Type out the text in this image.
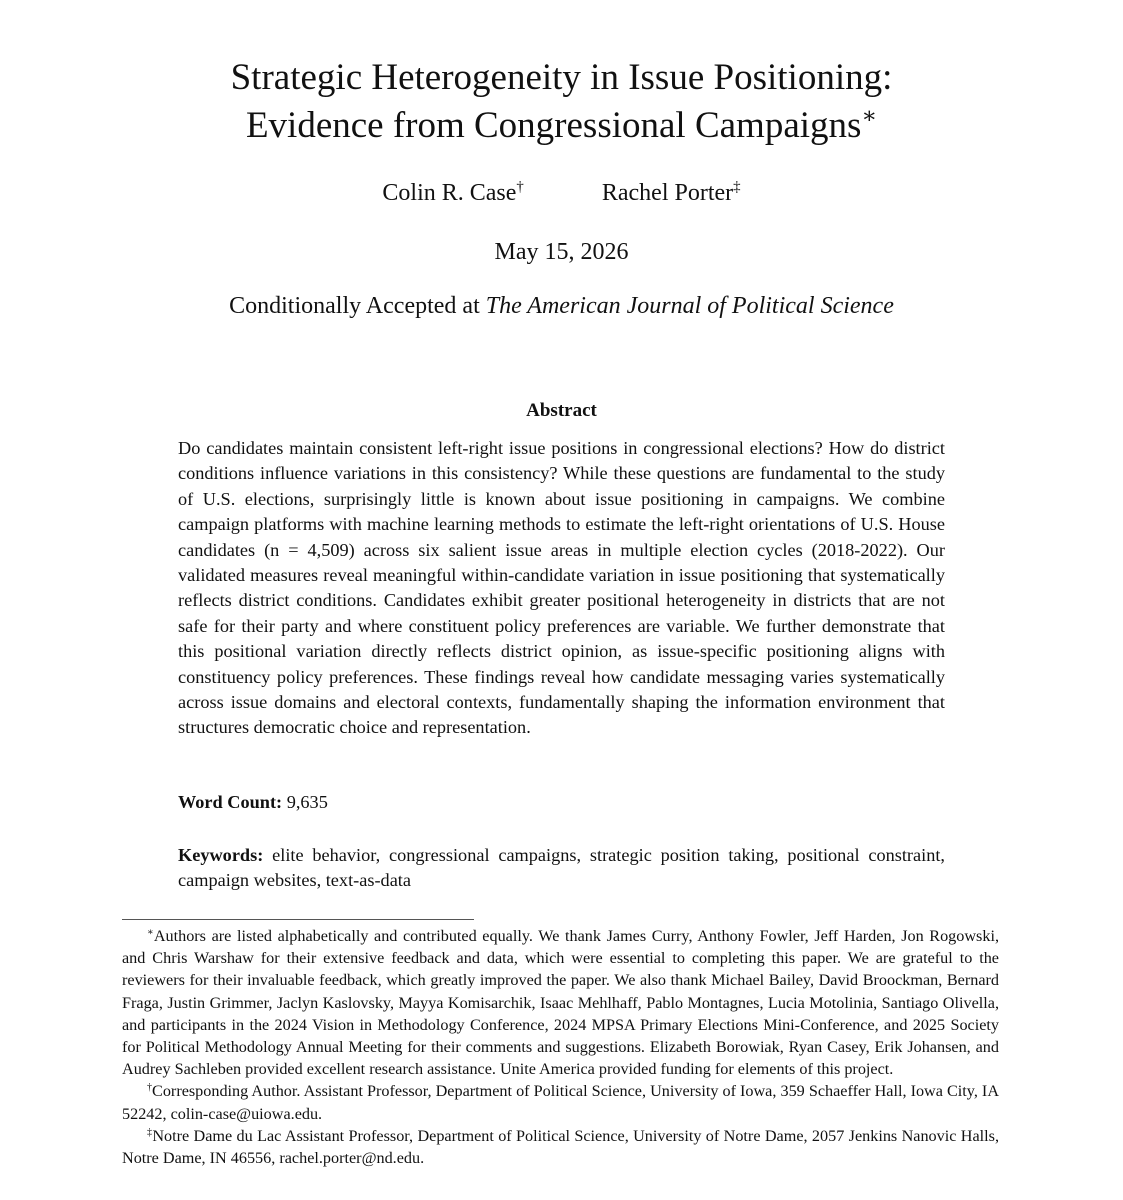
Strategic Heterogeneity in Issue Positioning:
Evidence from Congressional Campaigns∗
Colin R. Case†	Rachel Porter‡
May 15, 2026
Conditionally Accepted at The American Journal of Political Science
Abstract

Do candidates maintain consistent left-right issue positions in congressional elections? How do district conditions influence variations in this consistency? While these questions are fundamental to the study of U.S. elections, surprisingly little is known about issue positioning in campaigns. We combine campaign platforms with machine learning methods to estimate the left-right orientations of U.S. House candidates (n = 4,509) across six salient issue areas in multiple election cycles (2018-2022). Our validated measures reveal meaningful within-candidate variation in issue positioning that systematically reflects district conditions. Candidates exhibit greater positional heterogeneity in districts that are not safe for their party and where constituent policy preferences are variable. We further demonstrate that this positional variation directly reflects district opinion, as issue-specific positioning aligns with constituency policy preferences. These findings reveal how candidate messaging varies systematically across issue domains and electoral contexts, fundamentally shaping the information environment that structures democratic choice and representation.

Word Count: 9,635
Keywords: elite behavior, congressional campaigns, strategic position taking, positional constraint, campaign websites, text-as-data

∗Authors are listed alphabetically and contributed equally. We thank James Curry, Anthony Fowler, Jeff Harden, Jon Rogowski, and Chris Warshaw for their extensive feedback and data, which were essential to completing this paper. We are grateful to the reviewers for their invaluable feedback, which greatly improved the paper. We also thank Michael Bailey, David Broockman, Bernard Fraga, Justin Grimmer, Jaclyn Kaslovsky, Mayya Komisarchik, Isaac Mehlhaff, Pablo Montagnes, Lucia Motolinia, Santiago Olivella, and participants in the 2024 Vision in Methodology Conference, 2024 MPSA Primary Elections Mini-Conference, and 2025 Society for Political Methodology Annual Meeting for their comments and suggestions. Elizabeth Borowiak, Ryan Casey, Erik Johansen, and Audrey Sachleben provided excellent research assistance. Unite America provided funding for elements of this project.

†Corresponding Author. Assistant Professor, Department of Political Science, University of Iowa, 359 Schaeffer Hall, Iowa City, IA 52242, colin-case@uiowa.edu.

‡Notre Dame du Lac Assistant Professor, Department of Political Science, University of Notre Dame, 2057 Jenkins Nanovic Halls, Notre Dame, IN 46556, rachel.porter@nd.edu.
